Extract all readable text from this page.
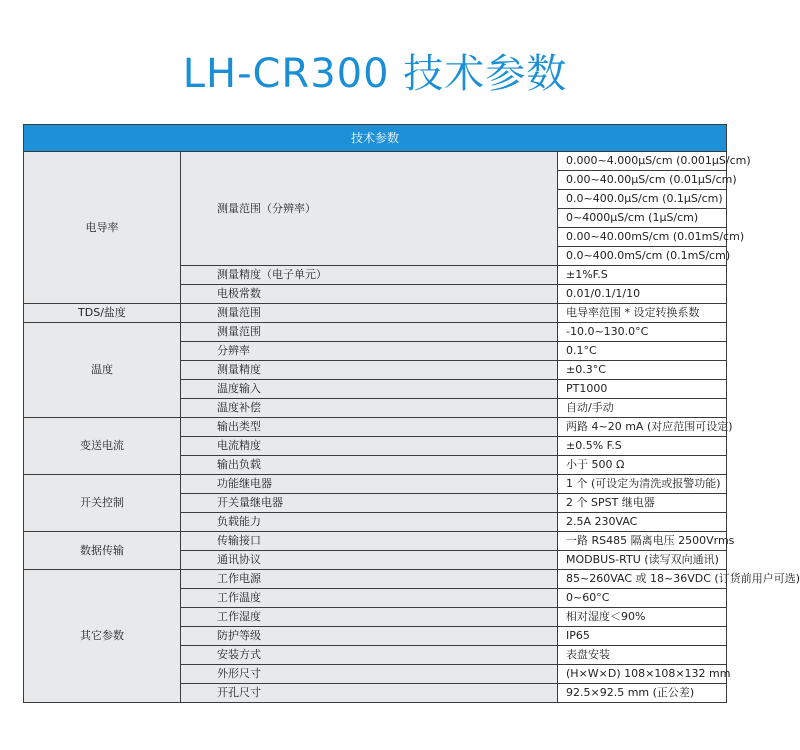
LH-CR300 技术参数
技术参数		
电导率	测量范围（分辨率）	0.000~4.000μS/cm (0.001μS/cm)
		0.00~40.00μS/cm (0.01μS/cm)
		0.0~400.0μS/cm (0.1μS/cm)
		0~4000μS/cm (1μS/cm)
		0.00~40.00mS/cm (0.01mS/cm)
		0.0~400.0mS/cm (0.1mS/cm)
	测量精度（电子单元）	±1%F.S
	电极常数	0.01/0.1/1/10
TDS/盐度	测量范围	电导率范围 * 设定转换系数
温度	测量范围	-10.0~130.0°C
	分辨率	0.1°C
	测量精度	±0.3°C
	温度输入	PT1000
	温度补偿	自动/手动
变送电流	输出类型	两路 4~20 mA (对应范围可设定)
	电流精度	±0.5% F.S
	输出负载	小于 500 Ω
开关控制	功能继电器	1 个 (可设定为清洗或报警功能)
	开关量继电器	2 个 SPST 继电器
	负载能力	2.5A 230VAC
数据传输	传输接口	一路 RS485 隔离电压 2500Vrms
	通讯协议	MODBUS-RTU (读写双向通讯)
其它参数	工作电源	85~260VAC 或 18~36VDC (订货前用户可选)
	工作温度	0~60°C
	工作湿度	相对湿度＜90%
	防护等级	IP65
	安装方式	表盘安装
	外形尺寸	(H×W×D) 108×108×132 mm
	开孔尺寸	92.5×92.5 mm (正公差)
